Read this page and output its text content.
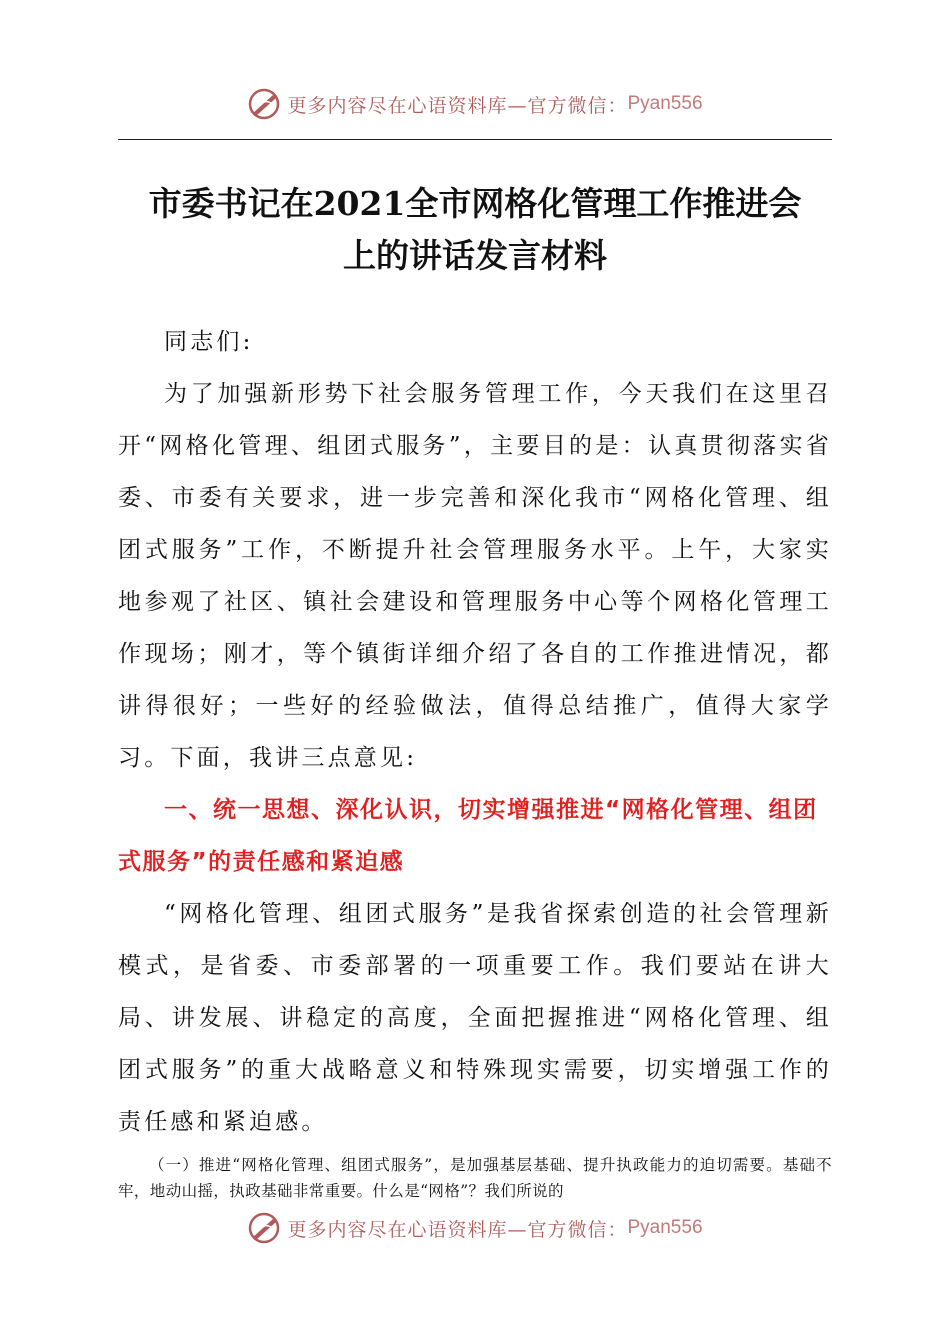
更多内容尽在心语资料库—官方微信： Pyan556
市委书记在2021全市网格化管理工作推进会
上的讲话发言材料

同志们:

为了加强新形势下社会服务管理工作，今天我们在这里召开“网格化管理、组团式服务”，主要目的是：认真贯彻落实省委、市委有关要求，进一步完善和深化我市“网格化管理、组团式服务”工作，不断提升社会管理服务水平。上午，大家实地参观了社区、镇社会建设和管理服务中心等个网格化管理工作现场；刚才，等个镇街详细介绍了各自的工作推进情况，都讲得很好；一些好的经验做法，值得总结推广，值得大家学习。下面，我讲三点意见:

一、统一思想、深化认识，切实增强推进“网格化管理、组团式服务”的责任感和紧迫感

“网格化管理、组团式服务”是我省探索创造的社会管理新模式，是省委、市委部署的一项重要工作。我们要站在讲大局、讲发展、讲稳定的高度，全面把握推进“网格化管理、组团式服务”的重大战略意义和特殊现实需要，切实增强工作的责任感和紧迫感。

（一）推进“网格化管理、组团式服务”，是加强基层基础、提升执政能力的迫切需要。基础不牢，地动山摇，执政基础非常重要。什么是“网格”？我们所说的

更多内容尽在心语资料库—官方微信： Pyan556
